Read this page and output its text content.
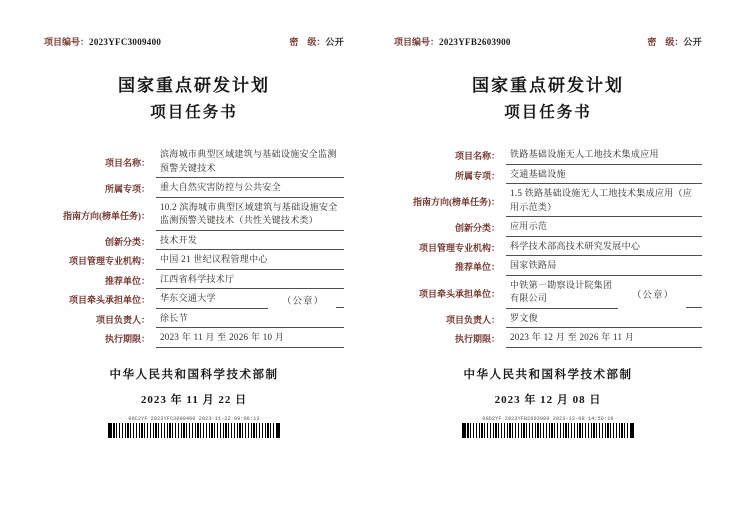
项目编号：2023YFC3009400	密　级：公开
国家重点研发计划
项目任务书
项目名称：
滨海城市典型区域建筑与基础设施安全监测预警关键技术
所属专项：	重大自然灾害防控与公共安全
指南方向(榜单任务)：
10.2 滨海城市典型区域建筑与基础设施安全监测预警关键技术（共性关键技术类）
创新分类：	技术开发
项目管理专业机构：	中国 21 世纪议程管理中心
推荐单位：	江西省科学技术厅
项目牵头承担单位：	华东交通大学	（公章）
项目负责人：	徐长节
执行期限：	2023 年 11 月 至 2026 年 10 月
中华人民共和国科学技术部制
2023 年 11 月 22 日
00C2YF 2023YFC3009400 2023-11-22 09:08:13
项目编号：2023YFB2603900	密　级：公开
国家重点研发计划
项目任务书
项目名称：	铁路基础设施无人工地技术集成应用
所属专项：	交通基础设施
指南方向(榜单任务)：
1.5 铁路基础设施无人工地技术集成应用（应用示范类）
创新分类：	应用示范
项目管理专业机构：	科学技术部高技术研究发展中心
推荐单位：	国家铁路局
项目牵头承担单位：
中铁第一勘察设计院集团有限公司	（公章）
项目负责人：	罗文俊
执行期限：	2023 年 12 月 至 2026 年 11 月
中华人民共和国科学技术部制
2023 年 12 月 08 日
00D2YF 2023YFB2603900 2023-12-08 14:50:16
